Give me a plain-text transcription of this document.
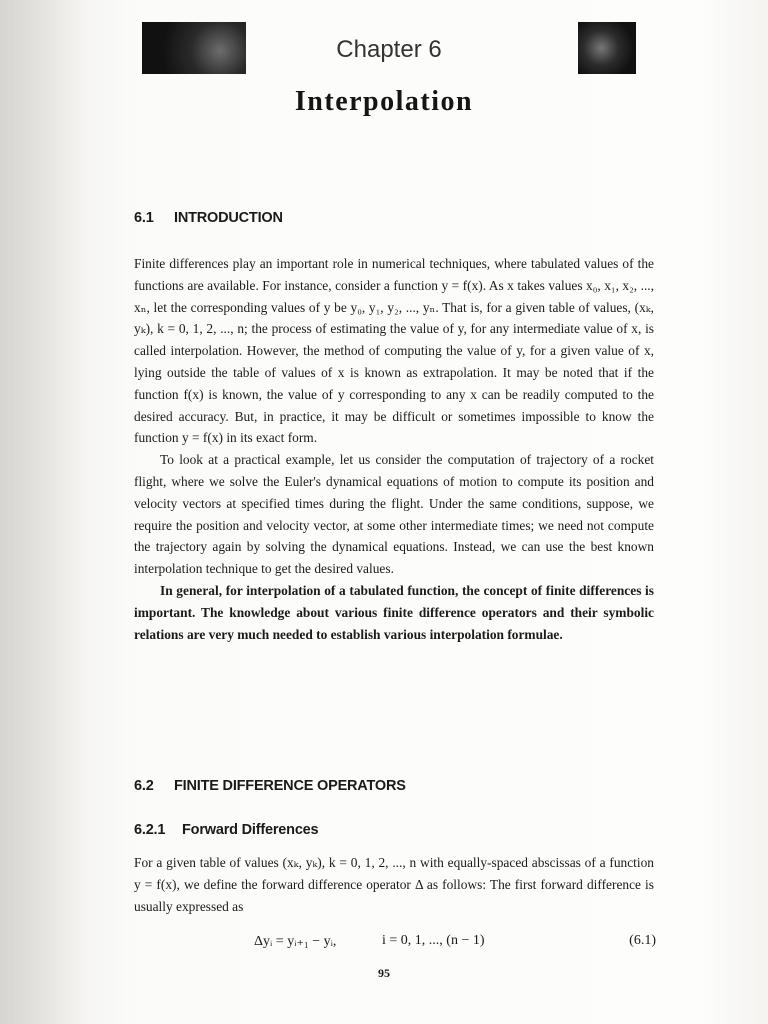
Chapter 6
Interpolation
6.1 INTRODUCTION

Finite differences play an important role in numerical techniques, where tabulated values of the functions are available. For instance, consider a function y = f(x). As x takes values x₀, x₁, x₂, ..., xₙ, let the corresponding values of y be y₀, y₁, y₂, ..., yₙ. That is, for a given table of values, (xₖ, yₖ), k = 0, 1, 2, ..., n; the process of estimating the value of y, for any intermediate value of x, is called interpolation. However, the method of computing the value of y, for a given value of x, lying outside the table of values of x is known as extrapolation. It may be noted that if the function f(x) is known, the value of y corresponding to any x can be readily computed to the desired accuracy. But, in practice, it may be difficult or sometimes impossible to know the function y = f(x) in its exact form.

To look at a practical example, let us consider the computation of trajectory of a rocket flight, where we solve the Euler's dynamical equations of motion to compute its position and velocity vectors at specified times during the flight. Under the same conditions, suppose, we require the position and velocity vector, at some other intermediate times; we need not compute the trajectory again by solving the dynamical equations. Instead, we can use the best known interpolation technique to get the desired values.

In general, for interpolation of a tabulated function, the concept of finite differences is important. The knowledge about various finite difference operators and their symbolic relations are very much needed to establish various interpolation formulae.

6.2 FINITE DIFFERENCE OPERATORS
6.2.1 Forward Differences

For a given table of values (xₖ, yₖ), k = 0, 1, 2, ..., n with equally-spaced abscissas of a function y = f(x), we define the forward difference operator Δ as follows: The first forward difference is usually expressed as

Δyᵢ = yᵢ₊₁ − yᵢ,	i = 0, 1, ..., (n − 1)	(6.1)
95
